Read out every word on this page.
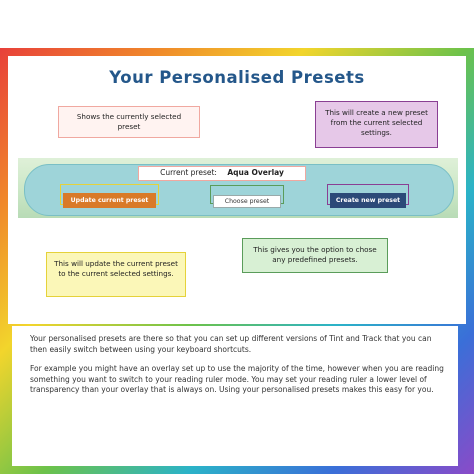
Your Personalised Presets
Shows the currently selected preset
This will create a new preset from the current selected settings.
Current preset: Aqua Overlay
Update current preset	Choose preset	Create new preset
This will update the current preset to the current selected settings.
This gives you the option to chose any predefined presets.

Your personalised presets are there so that you can set up different versions of Tint and Track that you can then easily switch between using your keyboard shortcuts.

For example you might have an overlay set up to use the majority of the time, however when you are reading something you want to switch to your reading ruler mode. You may set your reading ruler a lower level of transparency than your overlay that is always on. Using your personalised presets makes this easy for you.
